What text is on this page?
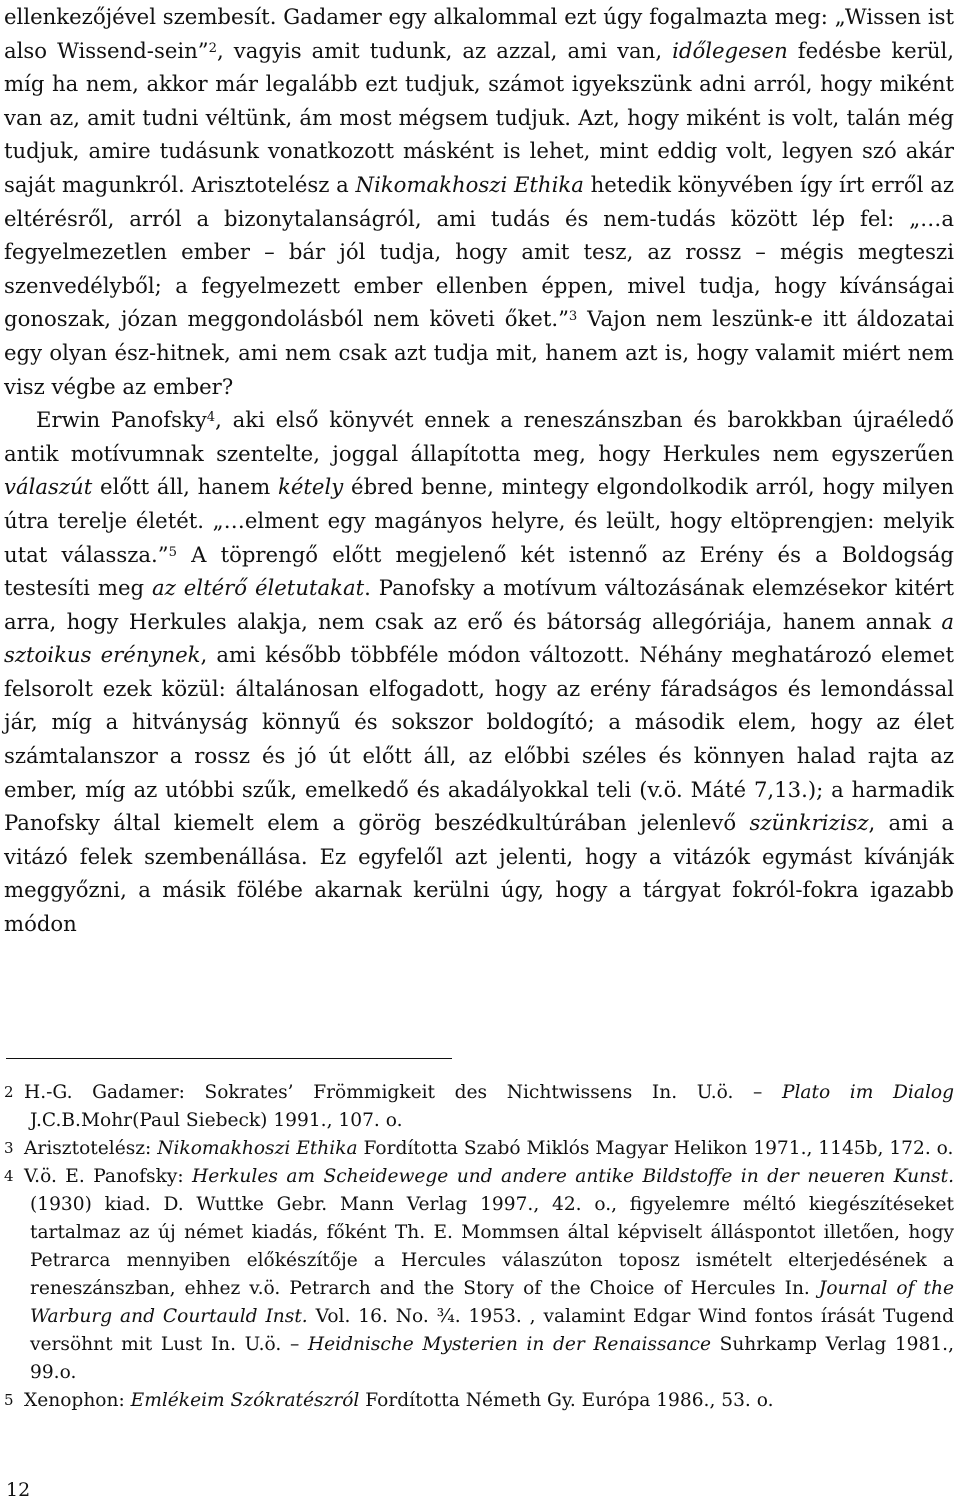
ellenkezőjével szembesít. Gadamer egy alkalommal ezt úgy fogalmazta meg: „Wissen ist also Wissend-sein”$^2$, vagyis amit tudunk, az azzal, ami van, időlegesen fedésbe kerül, míg ha nem, akkor már legalább ezt tudjuk, számot igyekszünk adni arról, hogy miként van az, amit tudni véltünk, ám most mégsem tudjuk. Azt, hogy miként is volt, talán még tudjuk, amire tudásunk vonatkozott másként is lehet, mint eddig volt, legyen szó akár saját magunkról. Arisztotelész a Nikomakhoszi Ethika hetedik könyvében így írt erről az eltérésről, arról a bizonytalanságról, ami tudás és nem-tudás között lép fel: „…a fegyelmezetlen ember – bár jól tudja, hogy amit tesz, az rossz – mégis megteszi szenvedélyből; a fegyelmezett ember ellenben éppen, mivel tudja, hogy kívánságai gonoszak, józan meggondolásból nem követi őket.”$^3$ Vajon nem leszünk-e itt áldozatai egy olyan ész-hitnek, ami nem csak azt tudja mit, hanem azt is, hogy valamit miért nem visz végbe az ember?

Erwin Panofsky$^4$, aki első könyvét ennek a reneszánszban és barokkban újraéledő antik motívumnak szentelte, joggal állapította meg, hogy Herkules nem egyszerűen válaszút előtt áll, hanem kétely ébred benne, mintegy elgondolkodik arról, hogy milyen útra terelje életét. „…elment egy magányos helyre, és leült, hogy eltöprengjen: melyik utat válassza.”$^5$ A töprengő előtt megjelenő két istennő az Erény és a Boldogság testesíti meg az eltérő életutakat. Panofsky a motívum változásának elemzésekor kitért arra, hogy Herkules alakja, nem csak az erő és bátorság allegóriája, hanem annak a sztoikus erénynek, ami később többféle módon változott. Néhány meghatározó elemet felsorolt ezek közül: általánosan elfogadott, hogy az erény fáradságos és lemondással jár, míg a hitványság könnyű és sokszor boldogító; a második elem, hogy az élet számtalanszor a rossz és jó út előtt áll, az előbbi széles és könnyen halad rajta az ember, míg az utóbbi szűk, emelkedő és akadályokkal teli (v.ö. Máté 7,13.); a harmadik Panofsky által kiemelt elem a görög beszédkultúrában jelenlevő szünkrizisz, ami a vitázó felek szembenállása. Ez egyfelől azt jelenti, hogy a vitázók egymást kívánják meggyőzni, a másik fölébe akarnak kerülni úgy, hogy a tárgyat fokról-fokra igazabb módon

2 H.-G. Gadamer: Sokrates’ Frömmigkeit des Nichtwissens In. U.ö. – Plato im Dialog J.C.B.Mohr(Paul Siebeck) 1991., 107. o.

3 Arisztotelész: Nikomakhoszi Ethika Fordította Szabó Miklós Magyar Helikon 1971., 1145b, 172. o.

4 V.ö. E. Panofsky: Herkules am Scheidewege und andere antike Bildstoffe in der neueren Kunst. (1930) kiad. D. Wuttke Gebr. Mann Verlag 1997., 42. o., figyelemre méltó kiegészítéseket tartalmaz az új német kiadás, főként Th. E. Mommsen által képviselt álláspontot illetően, hogy Petrarca mennyiben előkészítője a Hercules válaszúton toposz ismételt elterjedésének a reneszánszban, ehhez v.ö. Petrarch and the Story of the Choice of Hercules In. Journal of the Warburg and Courtauld Inst. Vol. 16. No. ¾. 1953. , valamint Edgar Wind fontos írását Tugend versöhnt mit Lust In. U.ö. – Heidnische Mysterien in der Renaissance Suhrkamp Verlag 1981., 99.o.

5 Xenophon: Emlékeim Szókratészról Fordította Németh Gy. Európa 1986., 53. o.

12
